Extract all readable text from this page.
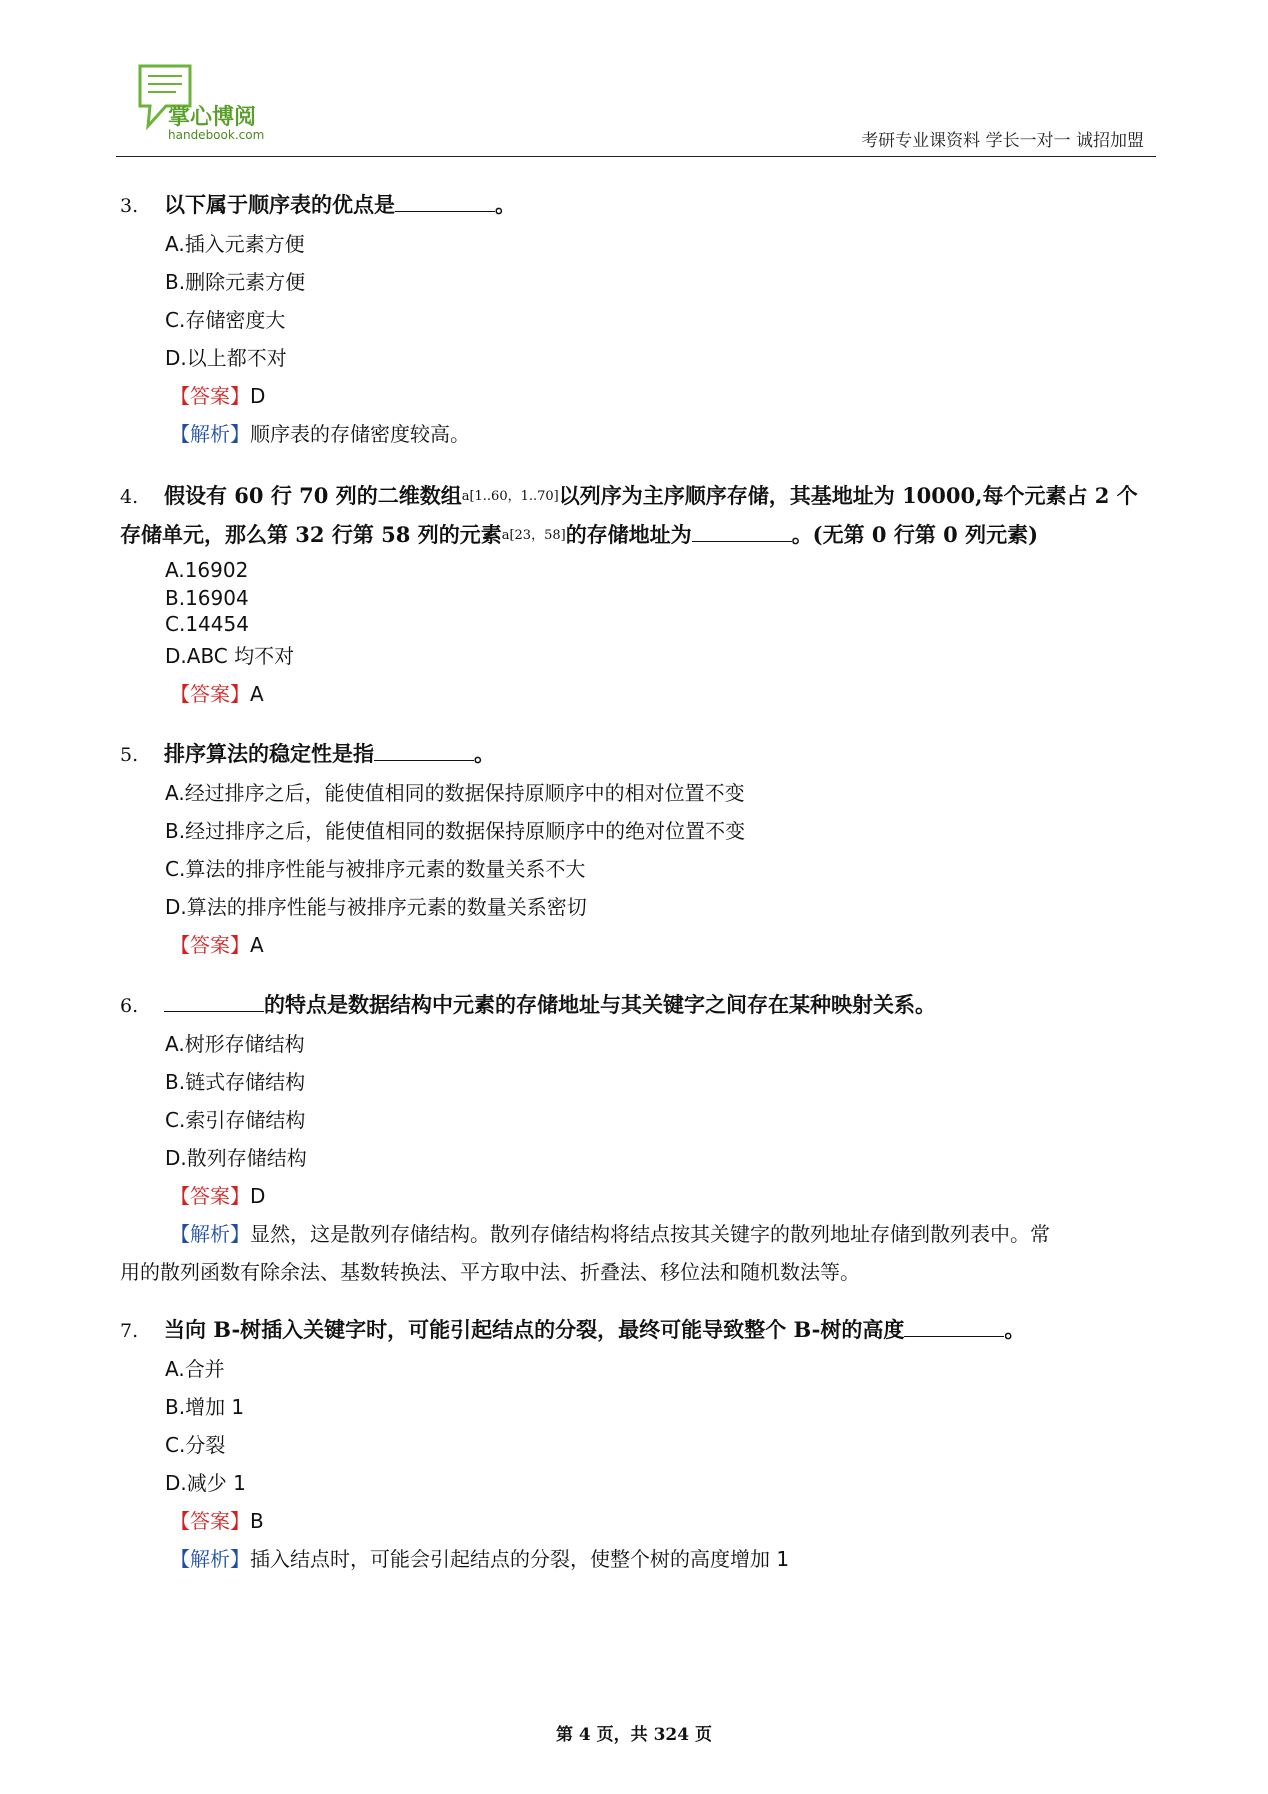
掌心博阅
handebook.com	考研专业课资料 学长一对一 诚招加盟
3. 以下属于顺序表的优点是	。
A.插入元素方便
B.删除元素方便
C.存储密度大
D.以上都不对
【答案】D
【解析】顺序表的存储密度较高。
4. 假设有 60 行 70 列的二维数组a[1..60，1..70]以列序为主序顺序存储，其基地址为 10000,每个元素占 2 个
存储单元，那么第 32 行第 58 列的元素a[23，58]的存储地址为	。(无第 0 行第 0 列元素)
A.16902
B.16904
C.14454
D.ABC 均不对
【答案】A
5. 排序算法的稳定性是指	。
A.经过排序之后，能使值相同的数据保持原顺序中的相对位置不变
B.经过排序之后，能使值相同的数据保持原顺序中的绝对位置不变
C.算法的排序性能与被排序元素的数量关系不大
D.算法的排序性能与被排序元素的数量关系密切
【答案】A
6.	的特点是数据结构中元素的存储地址与其关键字之间存在某种映射关系。
A.树形存储结构
B.链式存储结构
C.索引存储结构
D.散列存储结构
【答案】D
【解析】显然，这是散列存储结构。散列存储结构将结点按其关键字的散列地址存储到散列表中。常
用的散列函数有除余法、基数转换法、平方取中法、折叠法、移位法和随机数法等。
7. 当向 B-树插入关键字时，可能引起结点的分裂，最终可能导致整个 B-树的高度	。
A.合并
B.增加 1
C.分裂
D.减少 1
【答案】B
【解析】插入结点时，可能会引起结点的分裂，使整个树的高度增加 1
第 4 页，共 324 页
